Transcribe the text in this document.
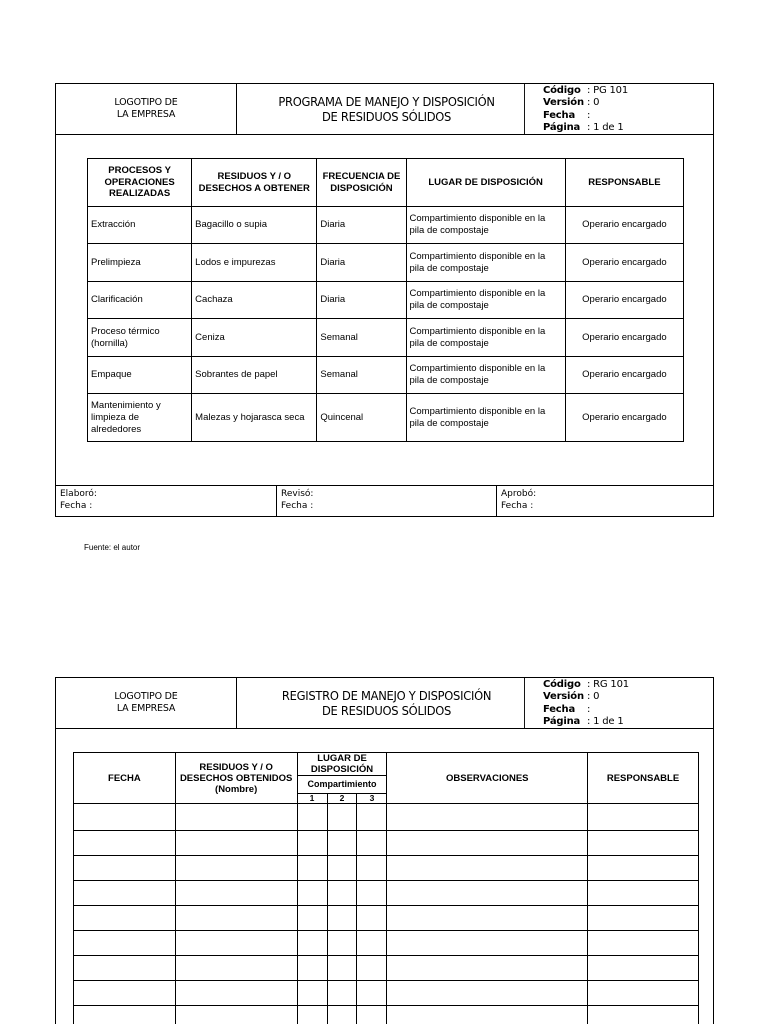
LOGOTIPO DE
LA EMPRESA
PROGRAMA DE MANEJO Y DISPOSICIÓN
DE RESIDUOS SÓLIDOS
Código : PG 101
Versión : 0
Fecha	:
Página : 1 de 1
PROCESOS Y OPERACIONES REALIZADAS	RESIDUOS Y / O DESECHOS A OBTENER	FRECUENCIA DE DISPOSICIÓN	LUGAR DE DISPOSICIÓN	RESPONSABLE
Extracción	Bagacillo o supia	Diaria	Compartimiento disponible en la pila de compostaje	Operario encargado
Prelimpieza	Lodos e impurezas	Diaria	Compartimiento disponible en la pila de compostaje	Operario encargado
Clarificación	Cachaza	Diaria	Compartimiento disponible en la pila de compostaje	Operario encargado
Proceso térmico (hornilla)	Ceniza	Semanal	Compartimiento disponible en la pila de compostaje	Operario encargado
Empaque	Sobrantes de papel	Semanal	Compartimiento disponible en la pila de compostaje	Operario encargado
Mantenimiento y limpieza de alrededores	Malezas y hojarasca seca	Quincenal	Compartimiento disponible en la pila de compostaje	Operario encargado
Elaboró:
Fecha :
Revisó:
Fecha :
Aprobó:
Fecha :
Fuente: el autor
LOGOTIPO DE
LA EMPRESA
REGISTRO DE MANEJO Y DISPOSICIÓN
DE RESIDUOS SÓLIDOS
Código : RG 101
Versión : 0
Fecha	:
Página : 1 de 1
FECHA	RESIDUOS Y / O DESECHOS OBTENIDOS (Nombre)	LUGAR DE DISPOSICIÓN			OBSERVACIONES	RESPONSABLE
		Compartimiento				
		1	2	3		
